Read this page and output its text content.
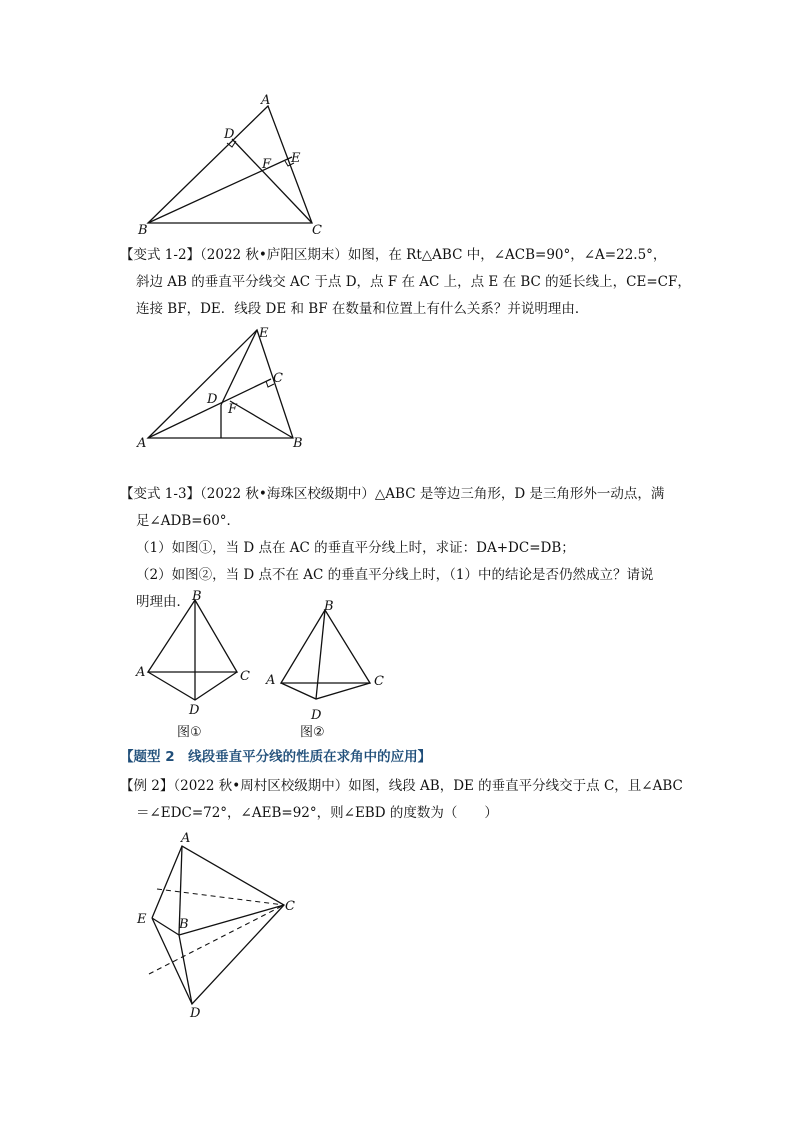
A
D
E
F
B	C
【变式 1-2】（2022 秋•庐阳区期末）如图，在 Rt△ABC 中，∠ACB=90°，∠A=22.5°，
斜边 AB 的垂直平分线交 AC 于点 D，点 F 在 AC 上，点 E 在 BC 的延长线上，CE=CF，
连接 BF，DE．线段 DE 和 BF 在数量和位置上有什么关系？并说明理由．
E
C
D
F
A	B
【变式 1-3】（2022 秋•海珠区校级期中）△ABC 是等边三角形，D 是三角形外一动点，满
足∠ADB=60°．
（1）如图①，当 D 点在 AC 的垂直平分线上时，求证：DA+DC=DB；
（2）如图②，当 D 点不在 AC 的垂直平分线上时，（1）中的结论是否仍然成立？请说
明理由． B
A	C
D
图①
B
A	C
D
图②
【题型 2　线段垂直平分线的性质在求角中的应用】
【例 2】（2022 秋•周村区校级期中）如图，线段 AB，DE 的垂直平分线交于点 C，且∠ABC
＝∠EDC=72°，∠AEB=92°，则∠EBD 的度数为（　　）
A
E	B
C
D
